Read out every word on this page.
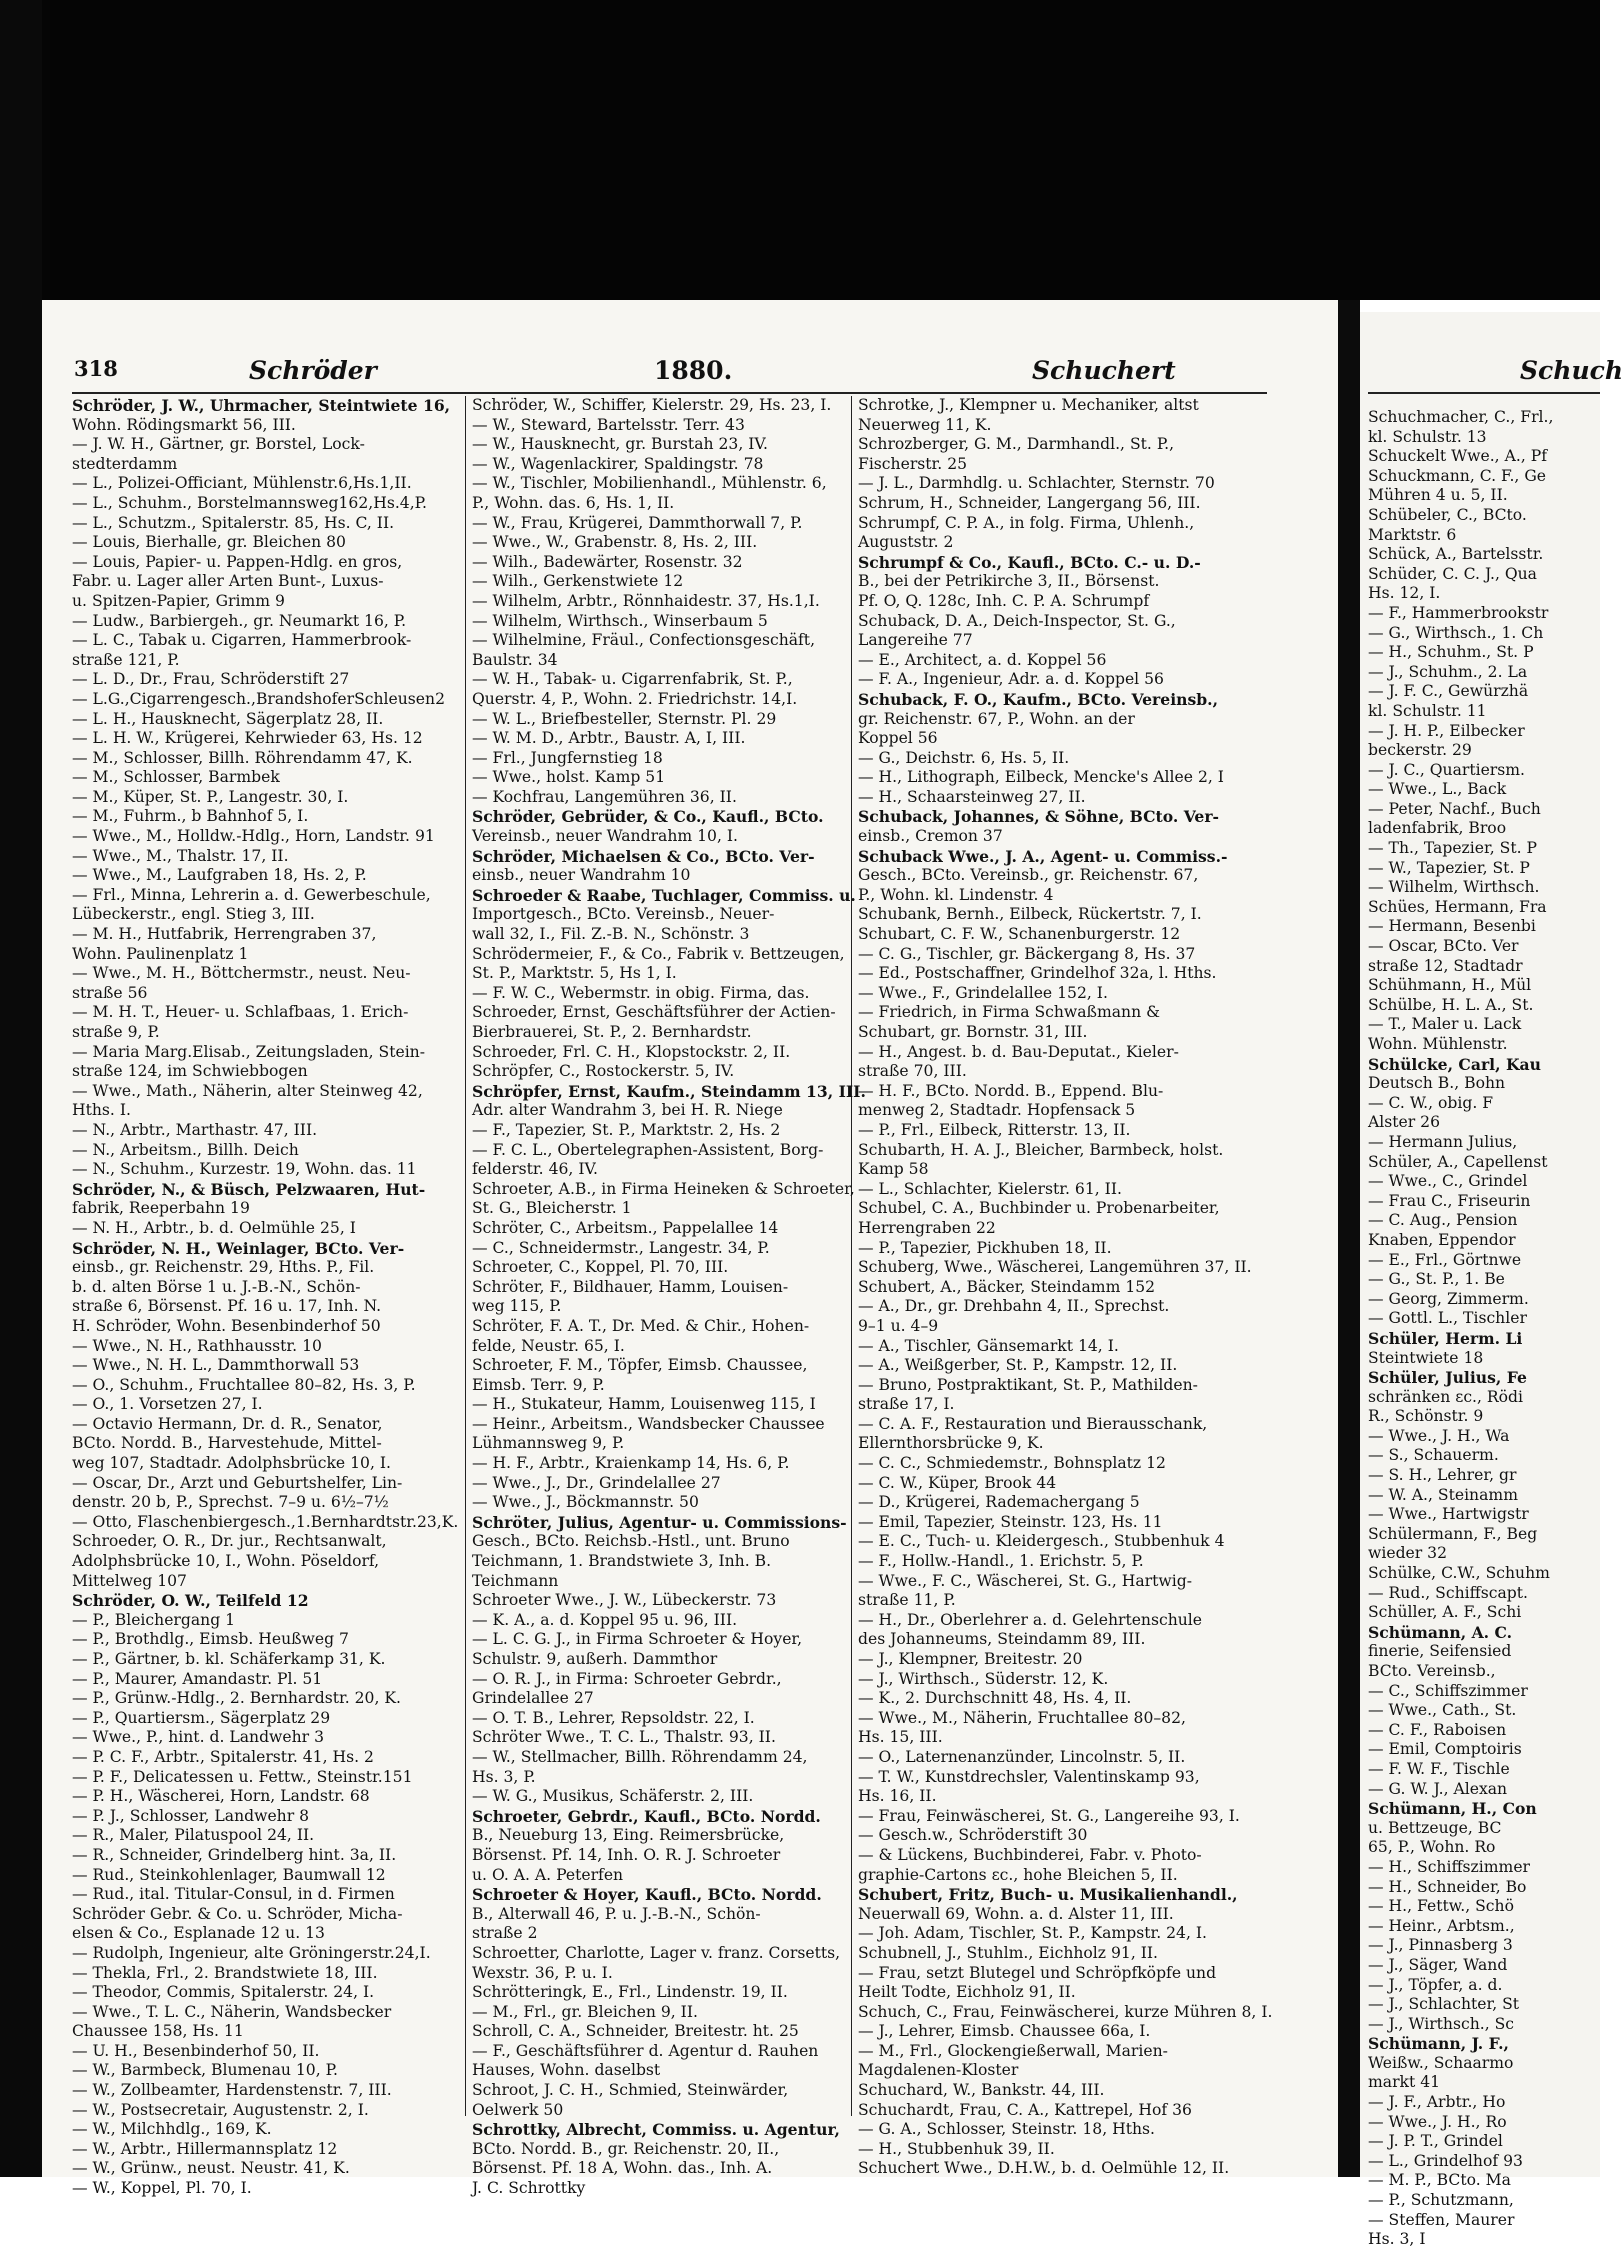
318	Schröder	1880.	Schuchert
Schröder, J. W., Uhrmacher, Steintwiete 16,
Wohn. Rödingsmarkt 56, III.
— J. W. H., Gärtner, gr. Borstel, Lock-
stedterdamm
— L., Polizei-Officiant, Mühlenstr.6,Hs.1,II.
— L., Schuhm., Borstelmannsweg162,Hs.4,P.
— L., Schutzm., Spitalerstr. 85, Hs. C, II.
— Louis, Bierhalle, gr. Bleichen 80
— Louis, Papier- u. Pappen-Hdlg. en gros,
Fabr. u. Lager aller Arten Bunt-, Luxus-
u. Spitzen-Papier, Grimm 9
— Ludw., Barbiergeh., gr. Neumarkt 16, P.
— L. C., Tabak u. Cigarren, Hammerbrook-
straße 121, P.
— L. D., Dr., Frau, Schröderstift 27
— L.G.,Cigarrengesch.,BrandshoferSchleusen2
— L. H., Hausknecht, Sägerplatz 28, II.
— L. H. W., Krügerei, Kehrwieder 63, Hs. 12
— M., Schlosser, Billh. Röhrendamm 47, K.
— M., Schlosser, Barmbek
— M., Küper, St. P., Langestr. 30, I.
— M., Fuhrm., b Bahnhof 5, I.
— Wwe., M., Holldw.-Hdlg., Horn, Landstr. 91
— Wwe., M., Thalstr. 17, II.
— Wwe., M., Laufgraben 18, Hs. 2, P.
— Frl., Minna, Lehrerin a. d. Gewerbeschule,
Lübeckerstr., engl. Stieg 3, III.
— M. H., Hutfabrik, Herrengraben 37,
Wohn. Paulinenplatz 1
— Wwe., M. H., Böttchermstr., neust. Neu-
straße 56
— M. H. T., Heuer- u. Schlafbaas, 1. Erich-
straße 9, P.
— Maria Marg.Elisab., Zeitungsladen, Stein-
straße 124, im Schwiebbogen
— Wwe., Math., Näherin, alter Steinweg 42,
Hths. I.
— N., Arbtr., Marthastr. 47, III.
— N., Arbeitsm., Billh. Deich
— N., Schuhm., Kurzestr. 19, Wohn. das. 11
Schröder, N., & Büsch, Pelzwaaren, Hut-
fabrik, Reeperbahn 19
— N. H., Arbtr., b. d. Oelmühle 25, I
Schröder, N. H., Weinlager, BCto. Ver-
einsb., gr. Reichenstr. 29, Hths. P., Fil.
b. d. alten Börse 1 u. J.-B.-N., Schön-
straße 6, Börsenst. Pf. 16 u. 17, Inh. N.
H. Schröder, Wohn. Besenbinderhof 50
— Wwe., N. H., Rathhausstr. 10
— Wwe., N. H. L., Dammthorwall 53
— O., Schuhm., Fruchtallee 80–82, Hs. 3, P.
— O., 1. Vorsetzen 27, I.
— Octavio Hermann, Dr. d. R., Senator,
BCto. Nordd. B., Harvestehude, Mittel-
weg 107, Stadtadr. Adolphsbrücke 10, I.
— Oscar, Dr., Arzt und Geburtshelfer, Lin-
denstr. 20 b, P., Sprechst. 7–9 u. 6½–7½
— Otto, Flaschenbiergesch.,1.Bernhardtstr.23,K.
Schroeder, O. R., Dr. jur., Rechtsanwalt,
Adolphsbrücke 10, I., Wohn. Pöseldorf,
Mittelweg 107
Schröder, O. W., Teilfeld 12
— P., Bleichergang 1
— P., Brothdlg., Eimsb. Heußweg 7
— P., Gärtner, b. kl. Schäferkamp 31, K.
— P., Maurer, Amandastr. Pl. 51
— P., Grünw.-Hdlg., 2. Bernhardstr. 20, K.
— P., Quartiersm., Sägerplatz 29
— Wwe., P., hint. d. Landwehr 3
— P. C. F., Arbtr., Spitalerstr. 41, Hs. 2
— P. F., Delicatessen u. Fettw., Steinstr.151
— P. H., Wäscherei, Horn, Landstr. 68
— P. J., Schlosser, Landwehr 8
— R., Maler, Pilatuspool 24, II.
— R., Schneider, Grindelberg hint. 3a, II.
— Rud., Steinkohlenlager, Baumwall 12
— Rud., ital. Titular-Consul, in d. Firmen
Schröder Gebr. & Co. u. Schröder, Micha-
elsen & Co., Esplanade 12 u. 13
— Rudolph, Ingenieur, alte Gröningerstr.24,I.
— Thekla, Frl., 2. Brandstwiete 18, III.
— Theodor, Commis, Spitalerstr. 24, I.
— Wwe., T. L. C., Näherin, Wandsbecker
Chaussee 158, Hs. 11
— U. H., Besenbinderhof 50, II.
— W., Barmbeck, Blumenau 10, P.
— W., Zollbeamter, Hardenstenstr. 7, III.
— W., Postsecretair, Augustenstr. 2, I.
— W., Milchhdlg., 169, K.
— W., Arbtr., Hillermannsplatz 12
— W., Grünw., neust. Neustr. 41, K.
— W., Koppel, Pl. 70, I.
Schröder, W., Schiffer, Kielerstr. 29, Hs. 23, I.
— W., Steward, Bartelsstr. Terr. 43
— W., Hausknecht, gr. Burstah 23, IV.
— W., Wagenlackirer, Spaldingstr. 78
— W., Tischler, Mobilienhandl., Mühlenstr. 6,
P., Wohn. das. 6, Hs. 1, II.
— W., Frau, Krügerei, Dammthorwall 7, P.
— Wwe., W., Grabenstr. 8, Hs. 2, III.
— Wilh., Badewärter, Rosenstr. 32
— Wilh., Gerkenstwiete 12
— Wilhelm, Arbtr., Rönnhaidestr. 37, Hs.1,I.
— Wilhelm, Wirthsch., Winserbaum 5
— Wilhelmine, Fräul., Confectionsgeschäft,
Baulstr. 34
— W. H., Tabak- u. Cigarrenfabrik, St. P.,
Querstr. 4, P., Wohn. 2. Friedrichstr. 14,I.
— W. L., Briefbesteller, Sternstr. Pl. 29
— W. M. D., Arbtr., Baustr. A, I, III.
— Frl., Jungfernstieg 18
— Wwe., holst. Kamp 51
— Kochfrau, Langemühren 36, II.
Schröder, Gebrüder, & Co., Kaufl., BCto.
Vereinsb., neuer Wandrahm 10, I.
Schröder, Michaelsen & Co., BCto. Ver-
einsb., neuer Wandrahm 10
Schroeder & Raabe, Tuchlager, Commiss. u.
Importgesch., BCto. Vereinsb., Neuer-
wall 32, I., Fil. Z.-B. N., Schönstr. 3
Schrödermeier, F., & Co., Fabrik v. Bettzeugen,
St. P., Marktstr. 5, Hs 1, I.
— F. W. C., Webermstr. in obig. Firma, das.
Schroeder, Ernst, Geschäftsführer der Actien-
Bierbrauerei, St. P., 2. Bernhardstr.
Schroeder, Frl. C. H., Klopstockstr. 2, II.
Schröpfer, C., Rostockerstr. 5, IV.
Schröpfer, Ernst, Kaufm., Steindamm 13, III.
Adr. alter Wandrahm 3, bei H. R. Niege
— F., Tapezier, St. P., Marktstr. 2, Hs. 2
— F. C. L., Obertelegraphen-Assistent, Borg-
felderstr. 46, IV.
Schroeter, A.B., in Firma Heineken & Schroeter,
St. G., Bleicherstr. 1
Schröter, C., Arbeitsm., Pappelallee 14
— C., Schneidermstr., Langestr. 34, P.
Schroeter, C., Koppel, Pl. 70, III.
Schröter, F., Bildhauer, Hamm, Louisen-
weg 115, P.
Schröter, F. A. T., Dr. Med. & Chir., Hohen-
felde, Neustr. 65, I.
Schroeter, F. M., Töpfer, Eimsb. Chaussee,
Eimsb. Terr. 9, P.
— H., Stukateur, Hamm, Louisenweg 115, I
— Heinr., Arbeitsm., Wandsbecker Chaussee
Lühmannsweg 9, P.
— H. F., Arbtr., Kraienkamp 14, Hs. 6, P.
— Wwe., J., Dr., Grindelallee 27
— Wwe., J., Böckmannstr. 50
Schröter, Julius, Agentur- u. Commissions-
Gesch., BCto. Reichsb.-Hstl., unt. Bruno
Teichmann, 1. Brandstwiete 3, Inh. B.
Teichmann
Schroeter Wwe., J. W., Lübeckerstr. 73
— K. A., a. d. Koppel 95 u. 96, III.
— L. C. G. J., in Firma Schroeter & Hoyer,
Schulstr. 9, außerh. Dammthor
— O. R. J., in Firma: Schroeter Gebrdr.,
Grindelallee 27
— O. T. B., Lehrer, Repsoldstr. 22, I.
Schröter Wwe., T. C. L., Thalstr. 93, II.
— W., Stellmacher, Billh. Röhrendamm 24,
Hs. 3, P.
— W. G., Musikus, Schäferstr. 2, III.
Schroeter, Gebrdr., Kaufl., BCto. Nordd.
B., Neueburg 13, Eing. Reimersbrücke,
Börsenst. Pf. 14, Inh. O. R. J. Schroeter
u. O. A. A. Peterfen
Schroeter & Hoyer, Kaufl., BCto. Nordd.
B., Alterwall 46, P. u. J.-B.-N., Schön-
straße 2
Schroetter, Charlotte, Lager v. franz. Corsetts,
Wexstr. 36, P. u. I.
Schrötteringk, E., Frl., Lindenstr. 19, II.
— M., Frl., gr. Bleichen 9, II.
Schroll, C. A., Schneider, Breitestr. ht. 25
— F., Geschäftsführer d. Agentur d. Rauhen
Hauses, Wohn. daselbst
Schroot, J. C. H., Schmied, Steinwärder,
Oelwerk 50
Schrottky, Albrecht, Commiss. u. Agentur,
BCto. Nordd. B., gr. Reichenstr. 20, II.,
Börsenst. Pf. 18 A, Wohn. das., Inh. A.
J. C. Schrottky
Schrotke, J., Klempner u. Mechaniker, altst
Neuerweg 11, K.
Schrozberger, G. M., Darmhandl., St. P.,
Fischerstr. 25
— J. L., Darmhdlg. u. Schlachter, Sternstr. 70
Schrum, H., Schneider, Langergang 56, III.
Schrumpf, C. P. A., in folg. Firma, Uhlenh.,
Auguststr. 2
Schrumpf & Co., Kaufl., BCto. C.- u. D.-
B., bei der Petrikirche 3, II., Börsenst.
Pf. O, Q. 128c, Inh. C. P. A. Schrumpf
Schuback, D. A., Deich-Inspector, St. G.,
Langereihe 77
— E., Architect, a. d. Koppel 56
— F. A., Ingenieur, Adr. a. d. Koppel 56
Schuback, F. O., Kaufm., BCto. Vereinsb.,
gr. Reichenstr. 67, P., Wohn. an der
Koppel 56
— G., Deichstr. 6, Hs. 5, II.
— H., Lithograph, Eilbeck, Mencke's Allee 2, I
— H., Schaarsteinweg 27, II.
Schuback, Johannes, & Söhne, BCto. Ver-
einsb., Cremon 37
Schuback Wwe., J. A., Agent- u. Commiss.-
Gesch., BCto. Vereinsb., gr. Reichenstr. 67,
P., Wohn. kl. Lindenstr. 4
Schubank, Bernh., Eilbeck, Rückertstr. 7, I.
Schubart, C. F. W., Schanenburgerstr. 12
— C. G., Tischler, gr. Bäckergang 8, Hs. 37
— Ed., Postschaffner, Grindelhof 32a, l. Hths.
— Wwe., F., Grindelallee 152, I.
— Friedrich, in Firma Schwaßmann &
Schubart, gr. Bornstr. 31, III.
— H., Angest. b. d. Bau-Deputat., Kieler-
straße 70, III.
— H. F., BCto. Nordd. B., Eppend. Blu-
menweg 2, Stadtadr. Hopfensack 5
— P., Frl., Eilbeck, Ritterstr. 13, II.
Schubarth, H. A. J., Bleicher, Barmbeck, holst.
Kamp 58
— L., Schlachter, Kielerstr. 61, II.
Schubel, C. A., Buchbinder u. Probenarbeiter,
Herrengraben 22
— P., Tapezier, Pickhuben 18, II.
Schuberg, Wwe., Wäscherei, Langemühren 37, II.
Schubert, A., Bäcker, Steindamm 152
— A., Dr., gr. Drehbahn 4, II., Sprechst.
9–1 u. 4–9
— A., Tischler, Gänsemarkt 14, I.
— A., Weißgerber, St. P., Kampstr. 12, II.
— Bruno, Postpraktikant, St. P., Mathilden-
straße 17, I.
— C. A. F., Restauration und Bierausschank,
Ellernthorsbrücke 9, K.
— C. C., Schmiedemstr., Bohnsplatz 12
— C. W., Küper, Brook 44
— D., Krügerei, Rademachergang 5
— Emil, Tapezier, Steinstr. 123, Hs. 11
— E. C., Tuch- u. Kleidergesch., Stubbenhuk 4
— F., Hollw.-Handl., 1. Erichstr. 5, P.
— Wwe., F. C., Wäscherei, St. G., Hartwig-
straße 11, P.
— H., Dr., Oberlehrer a. d. Gelehrtenschule
des Johanneums, Steindamm 89, III.
— J., Klempner, Breitestr. 20
— J., Wirthsch., Süderstr. 12, K.
— K., 2. Durchschnitt 48, Hs. 4, II.
— Wwe., M., Näherin, Fruchtallee 80–82,
Hs. 15, III.
— O., Laternenanzünder, Lincolnstr. 5, II.
— T. W., Kunstdrechsler, Valentinskamp 93,
Hs. 16, II.
— Frau, Feinwäscherei, St. G., Langereihe 93, I.
— Gesch.w., Schröderstift 30
— & Lückens, Buchbinderei, Fabr. v. Photo-
graphie-Cartons ɛc., hohe Bleichen 5, II.
Schubert, Fritz, Buch- u. Musikalienhandl.,
Neuerwall 69, Wohn. a. d. Alster 11, III.
— Joh. Adam, Tischler, St. P., Kampstr. 24, I.
Schubnell, J., Stuhlm., Eichholz 91, II.
— Frau, setzt Blutegel und Schröpfköpfe und
Heilt Todte, Eichholz 91, II.
Schuch, C., Frau, Feinwäscherei, kurze Mühren 8, I.
— J., Lehrer, Eimsb. Chaussee 66a, I.
— M., Frl., Glockengießerwall, Marien-
Magdalenen-Kloster
Schuchard, W., Bankstr. 44, III.
Schuchardt, Frau, C. A., Kattrepel, Hof 36
— G. A., Schlosser, Steinstr. 18, Hths.
— H., Stubbenhuk 39, II.
Schuchert Wwe., D.H.W., b. d. Oelmühle 12, II.
Schuch
Schuchmacher, C., Frl.,
kl. Schulstr. 13
Schuckelt Wwe., A., Pf
Schuckmann, C. F., Ge
Mühren 4 u. 5, II.
Schübeler, C., BCto.
Marktstr. 6
Schück, A., Bartelsstr.
Schüder, C. C. J., Qua
Hs. 12, I.
— F., Hammerbrookstr
— G., Wirthsch., 1. Ch
— H., Schuhm., St. P
— J., Schuhm., 2. La
— J. F. C., Gewürzhä
kl. Schulstr. 11
— J. H. P., Eilbecker
beckerstr. 29
— J. C., Quartiersm.
— Wwe., L., Back
— Peter, Nachf., Buch
ladenfabrik, Broo
— Th., Tapezier, St. P
— W., Tapezier, St. P
— Wilhelm, Wirthsch.
Schües, Hermann, Fra
— Hermann, Besenbi
— Oscar, BCto. Ver
straße 12, Stadtadr
Schühmann, H., Mül
Schülbe, H. L. A., St.
— T., Maler u. Lack
Wohn. Mühlenstr.
Schülcke, Carl, Kau
Deutsch B., Bohn
— C. W., obig. F
Alster 26
— Hermann Julius,
Schüler, A., Capellenst
— Wwe., C., Grindel
— Frau C., Friseurin
— C. Aug., Pension
Knaben, Eppendor
— E., Frl., Görtnwe
— G., St. P., 1. Be
— Georg, Zimmerm.
— Gottl. L., Tischler
Schüler, Herm. Li
Steintwiete 18
Schüler, Julius, Fe
schränken ɛc., Rödi
R., Schönstr. 9
— Wwe., J. H., Wa
— S., Schauerm.
— S. H., Lehrer, gr
— W. A., Steinamm
— Wwe., Hartwigstr
Schülermann, F., Beg
wieder 32
Schülke, C.W., Schuhm
— Rud., Schiffscapt.
Schüller, A. F., Schi
Schümann, A. C.
finerie, Seifensied
BCto. Vereinsb.,
— C., Schiffszimmer
— Wwe., Cath., St.
— C. F., Raboisen
— Emil, Comptoiris
— F. W. F., Tischle
— G. W. J., Alexan
Schümann, H., Con
u. Bettzeuge, BC
65, P., Wohn. Ro
— H., Schiffszimmer
— H., Schneider, Bo
— H., Fettw., Schö
— Heinr., Arbtsm.,
— J., Pinnasberg 3
— J., Säger, Wand
— J., Töpfer, a. d.
— J., Schlachter, St
— J., Wirthsch., Sc
Schümann, J. F.,
Weißw., Schaarmo
markt 41
— J. F., Arbtr., Ho
— Wwe., J. H., Ro
— J. P. T., Grindel
— L., Grindelhof 93
— M. P., BCto. Ma
— P., Schutzmann,
— Steffen, Maurer
Hs. 3, I
